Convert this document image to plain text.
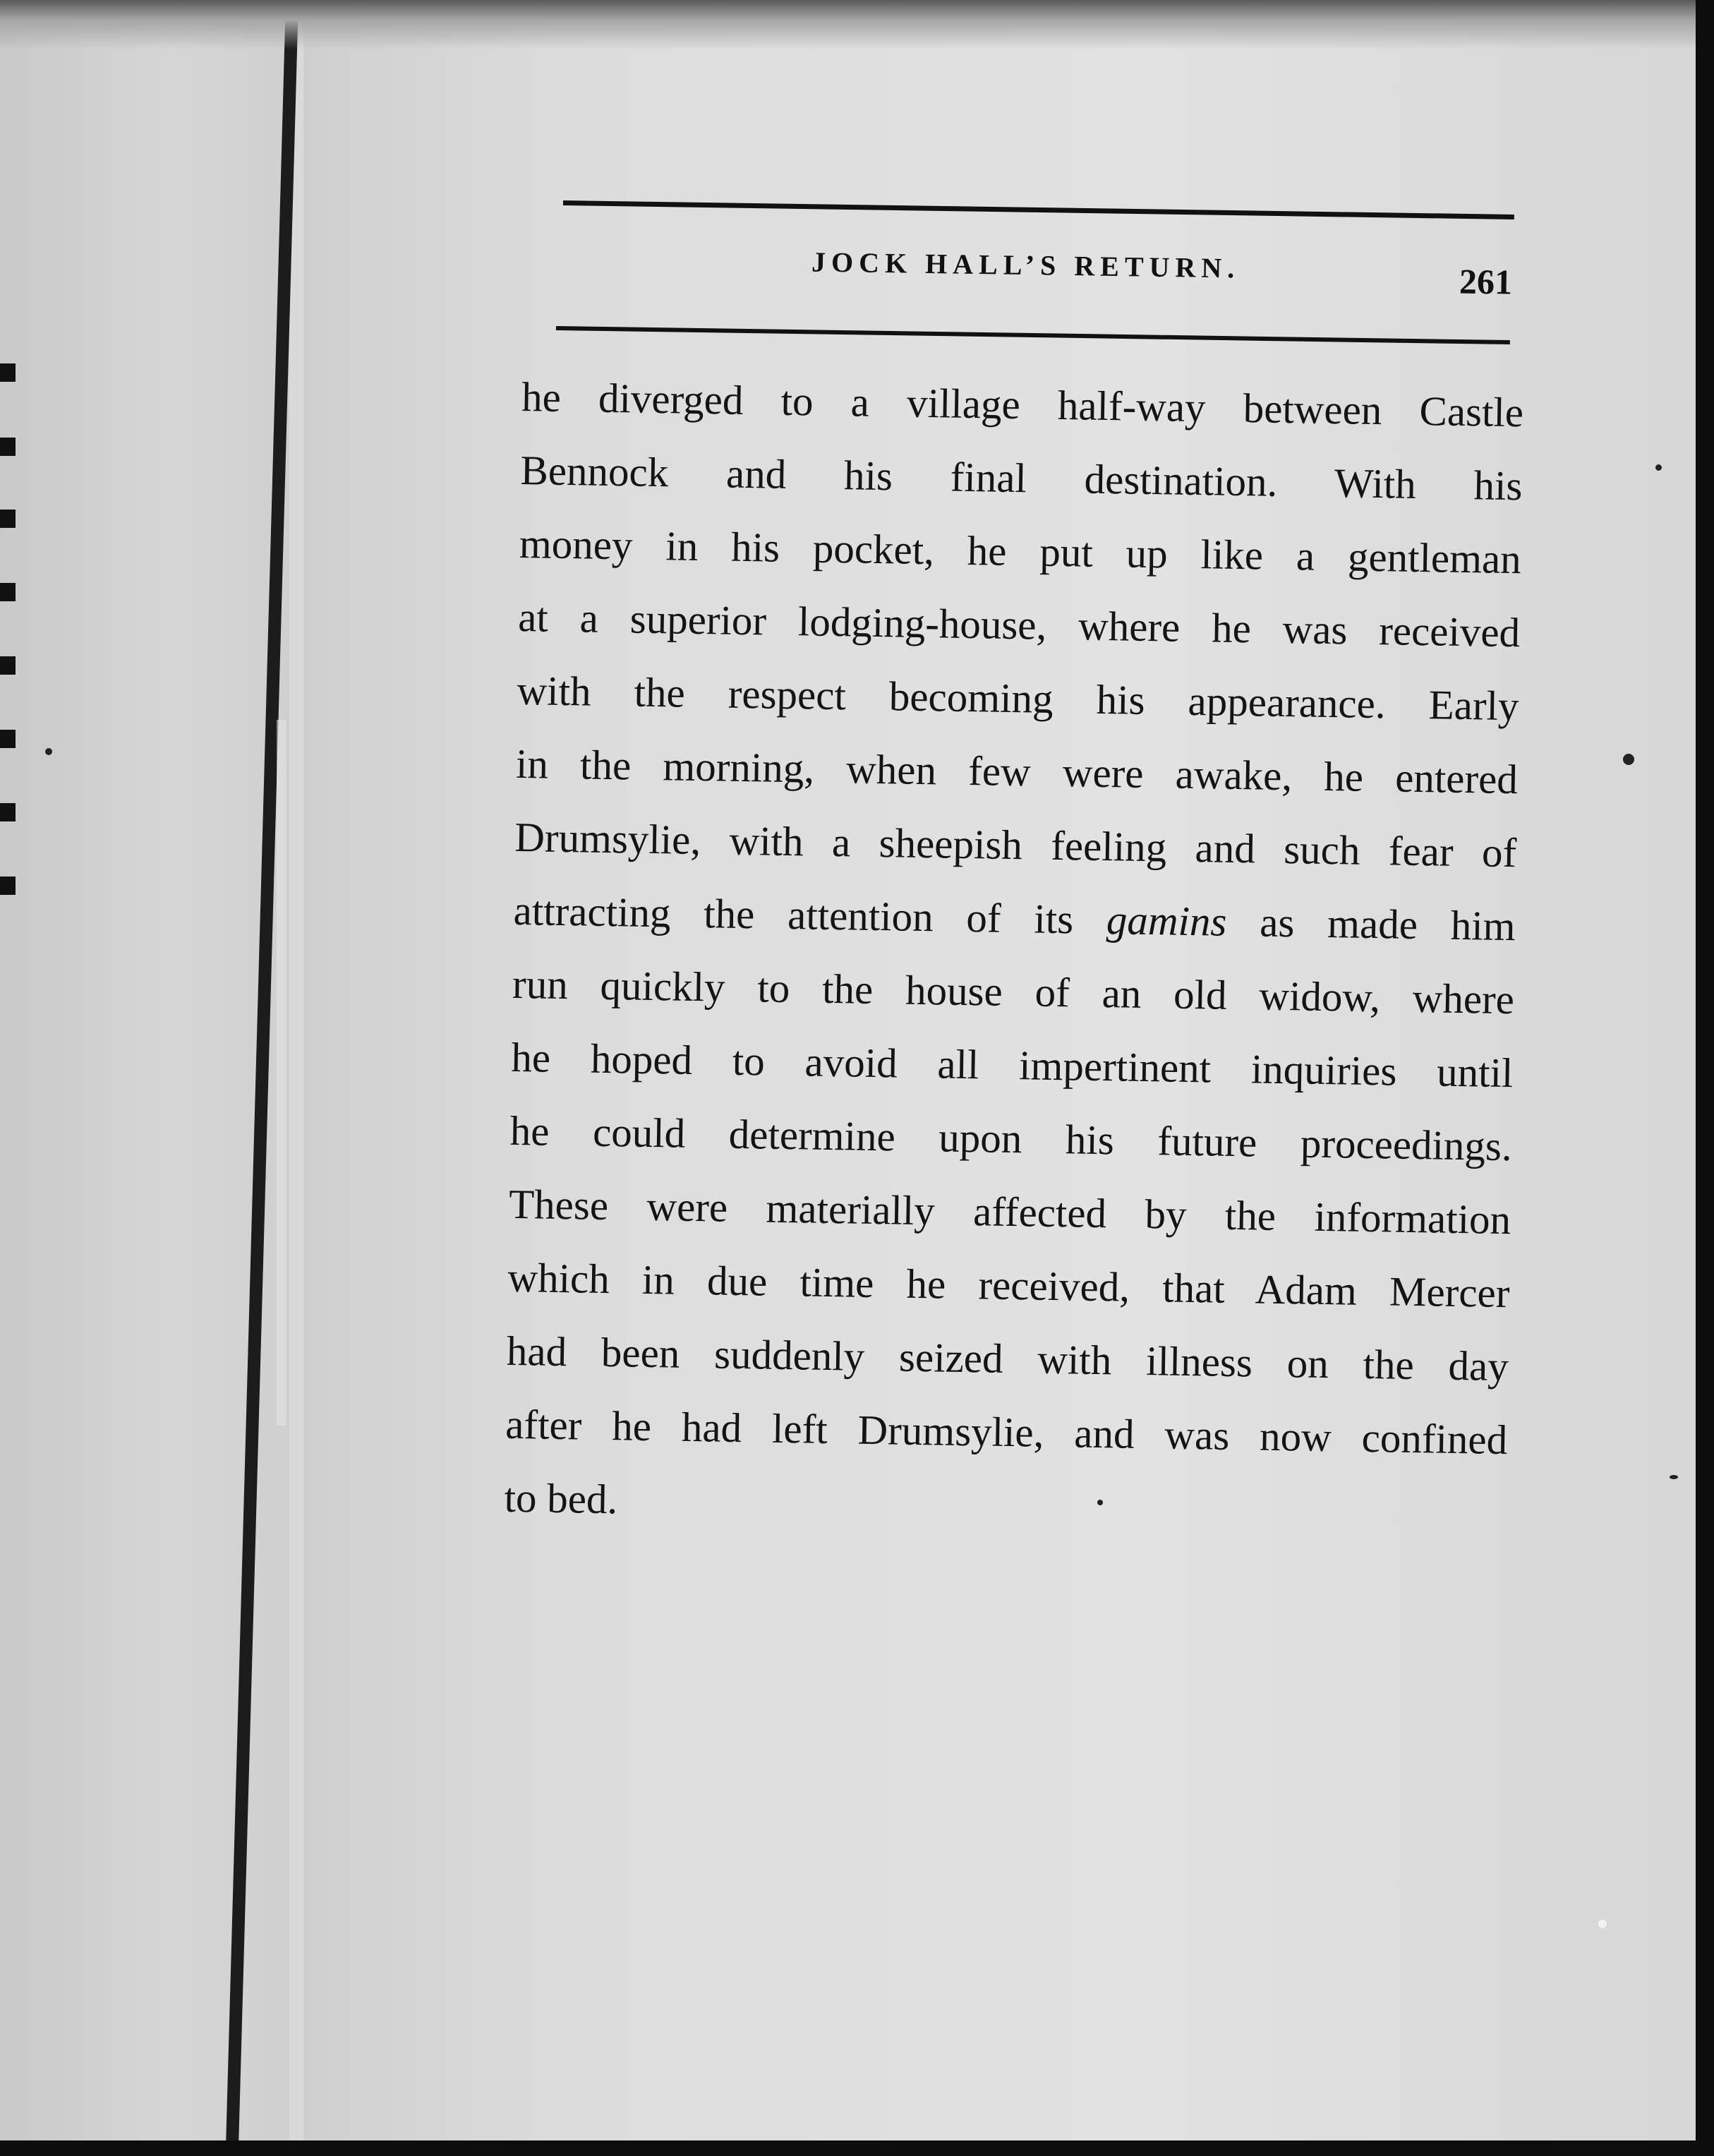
JOCK HALL’S RETURN.	261
he diverged to a village half-way between Castle
Bennock and his final destination. With his
money in his pocket, he put up like a gentleman
at a superior lodging-house, where he was received
with the respect becoming his appearance. Early
in the morning, when few were awake, he entered
Drumsylie, with a sheepish feeling and such fear of
attracting the attention of its gamins as made him
run quickly to the house of an old widow, where
he hoped to avoid all impertinent inquiries until
he could determine upon his future proceedings.
These were materially affected by the information
which in due time he received, that Adam Mercer
had been suddenly seized with illness on the day
after he had left Drumsylie, and was now confined
to bed.
